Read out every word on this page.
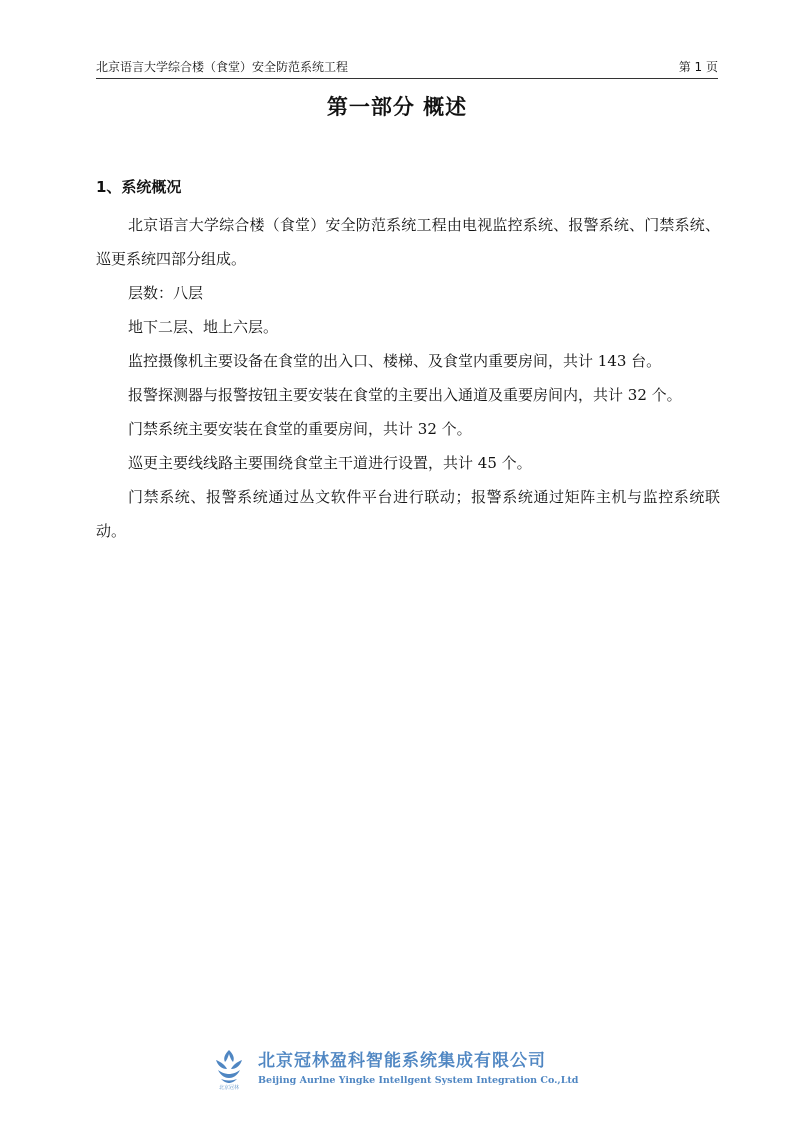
北京语言大学综合楼（食堂）安全防范系统工程	第 1 页
第一部分 概述
1、系统概况

北京语言大学综合楼（食堂）安全防范系统工程由电视监控系统、报警系统、门禁系统、巡更系统四部分组成。

层数：八层

地下二层、地上六层。

监控摄像机主要设备在食堂的出入口、楼梯、及食堂内重要房间，共计 143 台。

报警探测器与报警按钮主要安装在食堂的主要出入通道及重要房间内，共计 32 个。

门禁系统主要安装在食堂的重要房间，共计 32 个。

巡更主要线线路主要围绕食堂主干道进行设置，共计 45 个。

门禁系统、报警系统通过丛文软件平台进行联动；报警系统通过矩阵主机与监控系统联动。

北京冠林
北京冠林盈科智能系统集成有限公司
Beijing Aurlne Yingke Intellgent System Integration Co.,Ltd
